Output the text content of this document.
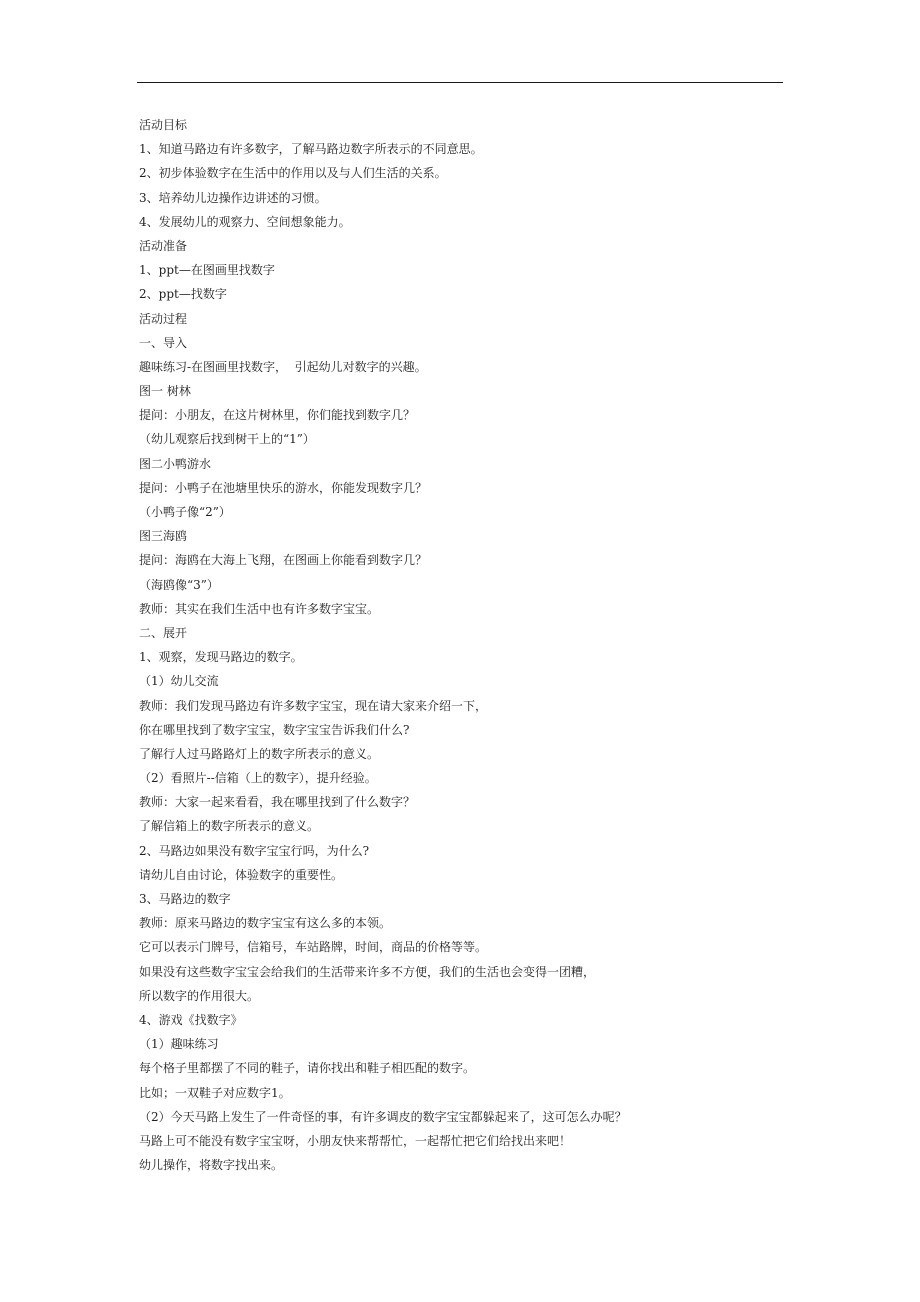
活动目标

1、知道马路边有许多数字，了解马路边数字所表示的不同意思。

2、初步体验数字在生活中的作用以及与人们生活的关系。

3、培养幼儿边操作边讲述的习惯。

4、发展幼儿的观察力、空间想象能力。

活动准备

1、ppt—在图画里找数字

2、ppt—找数字

活动过程

一、导入

趣味练习-在图画里找数字，  引起幼儿对数字的兴趣。

图一 树林

提问：小朋友，在这片树林里，你们能找到数字几？

（幼儿观察后找到树干上的“1”）

图二小鸭游水

提问：小鸭子在池塘里快乐的游水，你能发现数字几？

（小鸭子像“2”）

图三海鸥

提问：海鸥在大海上飞翔，在图画上你能看到数字几？

（海鸥像“3”）

教师：其实在我们生活中也有许多数字宝宝。

二、展开

1、观察，发现马路边的数字。

（1）幼儿交流

教师：我们发现马路边有许多数字宝宝，现在请大家来介绍一下，

你在哪里找到了数字宝宝，数字宝宝告诉我们什么?

了解行人过马路路灯上的数字所表示的意义。

（2）看照片--信箱（上的数字），提升经验。

教师：大家一起来看看，我在哪里找到了什么数字？

了解信箱上的数字所表示的意义。

2、马路边如果没有数字宝宝行吗，为什么?

请幼儿自由讨论，体验数字的重要性。

3、马路边的数字

教师：原来马路边的数字宝宝有这么多的本领。

它可以表示门牌号，信箱号，车站路牌，时间，商品的价格等等。

如果没有这些数字宝宝会给我们的生活带来许多不方便，我们的生活也会变得一团糟，

所以数字的作用很大。

4、游戏《找数字》

（1）趣味练习

每个格子里都摆了不同的鞋子，请你找出和鞋子相匹配的数字。

比如；一双鞋子对应数字1。

（2）今天马路上发生了一件奇怪的事，有许多调皮的数字宝宝都躲起来了，这可怎么办呢？

马路上可不能没有数字宝宝呀，小朋友快来帮帮忙，一起帮忙把它们给找出来吧！

幼儿操作，将数字找出来。
